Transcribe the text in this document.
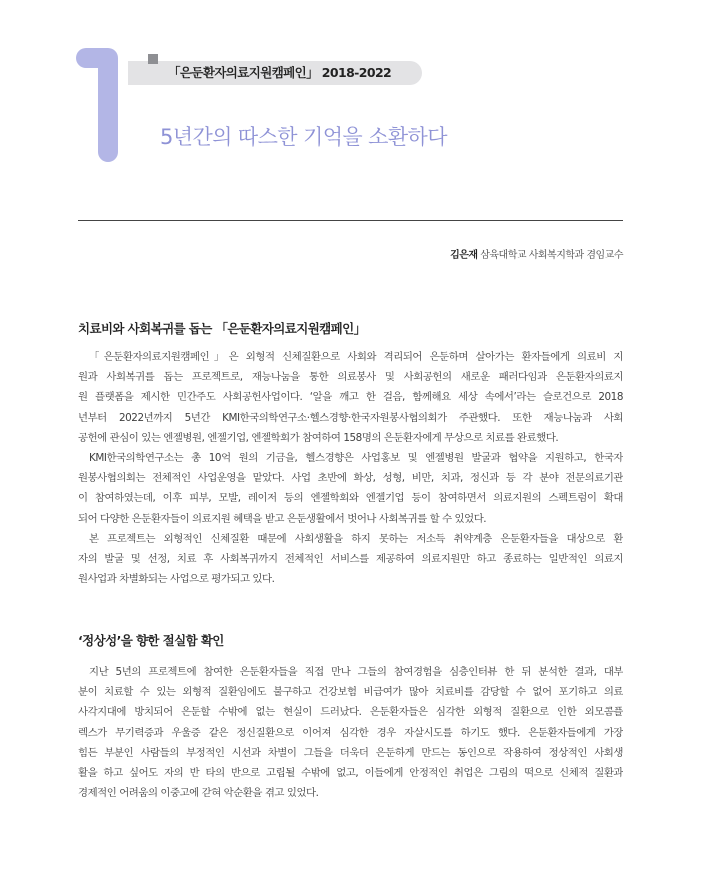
「은둔환자의료지원캠페인」 2018-2022
5년간의 따스한 기억을 소환하다
김은재 삼육대학교 사회복지학과 겸임교수
치료비와 사회복귀를 돕는 「은둔환자의료지원캠페인」
「은둔환자의료지원캠페인」은 외형적 신체질환으로 사회와 격리되어 은둔하며 살아가는 환자들에게 의료비 지
원과 사회복귀를 돕는 프로젝트로, 재능나눔을 통한 의료봉사 및 사회공헌의 새로운 패러다임과 은둔환자의료지
원 플랫폼을 제시한 민간주도 사회공헌사업이다. ‘알을 깨고 한 걸음, 함께해요 세상 속에서’라는 슬로건으로 2018
년부터 2022년까지 5년간 KMI한국의학연구소·헬스경향·한국자원봉사협의회가 주관했다. 또한 재능나눔과 사회
공헌에 관심이 있는 엔젤병원, 엔젤기업, 엔젤학회가 참여하여 158명의 은둔환자에게 무상으로 치료를 완료했다.
KMI한국의학연구소는 총 10억 원의 기금을, 헬스경향은 사업홍보 및 엔젤병원 발굴과 협약을 지원하고, 한국자
원봉사협의회는 전체적인 사업운영을 맡았다. 사업 초반에 화상, 성형, 비만, 치과, 정신과 등 각 분야 전문의료기관
이 참여하였는데, 이후 피부, 모발, 레이저 등의 엔젤학회와 엔젤기업 등이 참여하면서 의료지원의 스펙트럼이 확대
되어 다양한 은둔환자들이 의료지원 혜택을 받고 은둔생활에서 벗어나 사회복귀를 할 수 있었다.
본 프로젝트는 외형적인 신체질환 때문에 사회생활을 하지 못하는 저소득 취약계층 은둔환자들을 대상으로 환
자의 발굴 및 선정, 치료 후 사회복귀까지 전체적인 서비스를 제공하여 의료지원만 하고 종료하는 일반적인 의료지
원사업과 차별화되는 사업으로 평가되고 있다.
‘정상성’을 향한 절실함 확인
지난 5년의 프로젝트에 참여한 은둔환자들을 직접 만나 그들의 참여경험을 심층인터뷰 한 뒤 분석한 결과, 대부
분이 치료할 수 있는 외형적 질환임에도 불구하고 건강보험 비급여가 많아 치료비를 감당할 수 없어 포기하고 의료
사각지대에 방치되어 은둔할 수밖에 없는 현실이 드러났다. 은둔환자들은 심각한 외형적 질환으로 인한 외모콤플
렉스가 무기력증과 우울증 같은 정신질환으로 이어져 심각한 경우 자살시도를 하기도 했다. 은둔환자들에게 가장
힘든 부분인 사람들의 부정적인 시선과 차별이 그들을 더욱더 은둔하게 만드는 동인으로 작용하여 정상적인 사회생
활을 하고 싶어도 자의 반 타의 반으로 고립될 수밖에 없고, 이들에게 안정적인 취업은 그림의 떡으로 신체적 질환과
경제적인 어려움의 이중고에 갇혀 악순환을 겪고 있었다.
